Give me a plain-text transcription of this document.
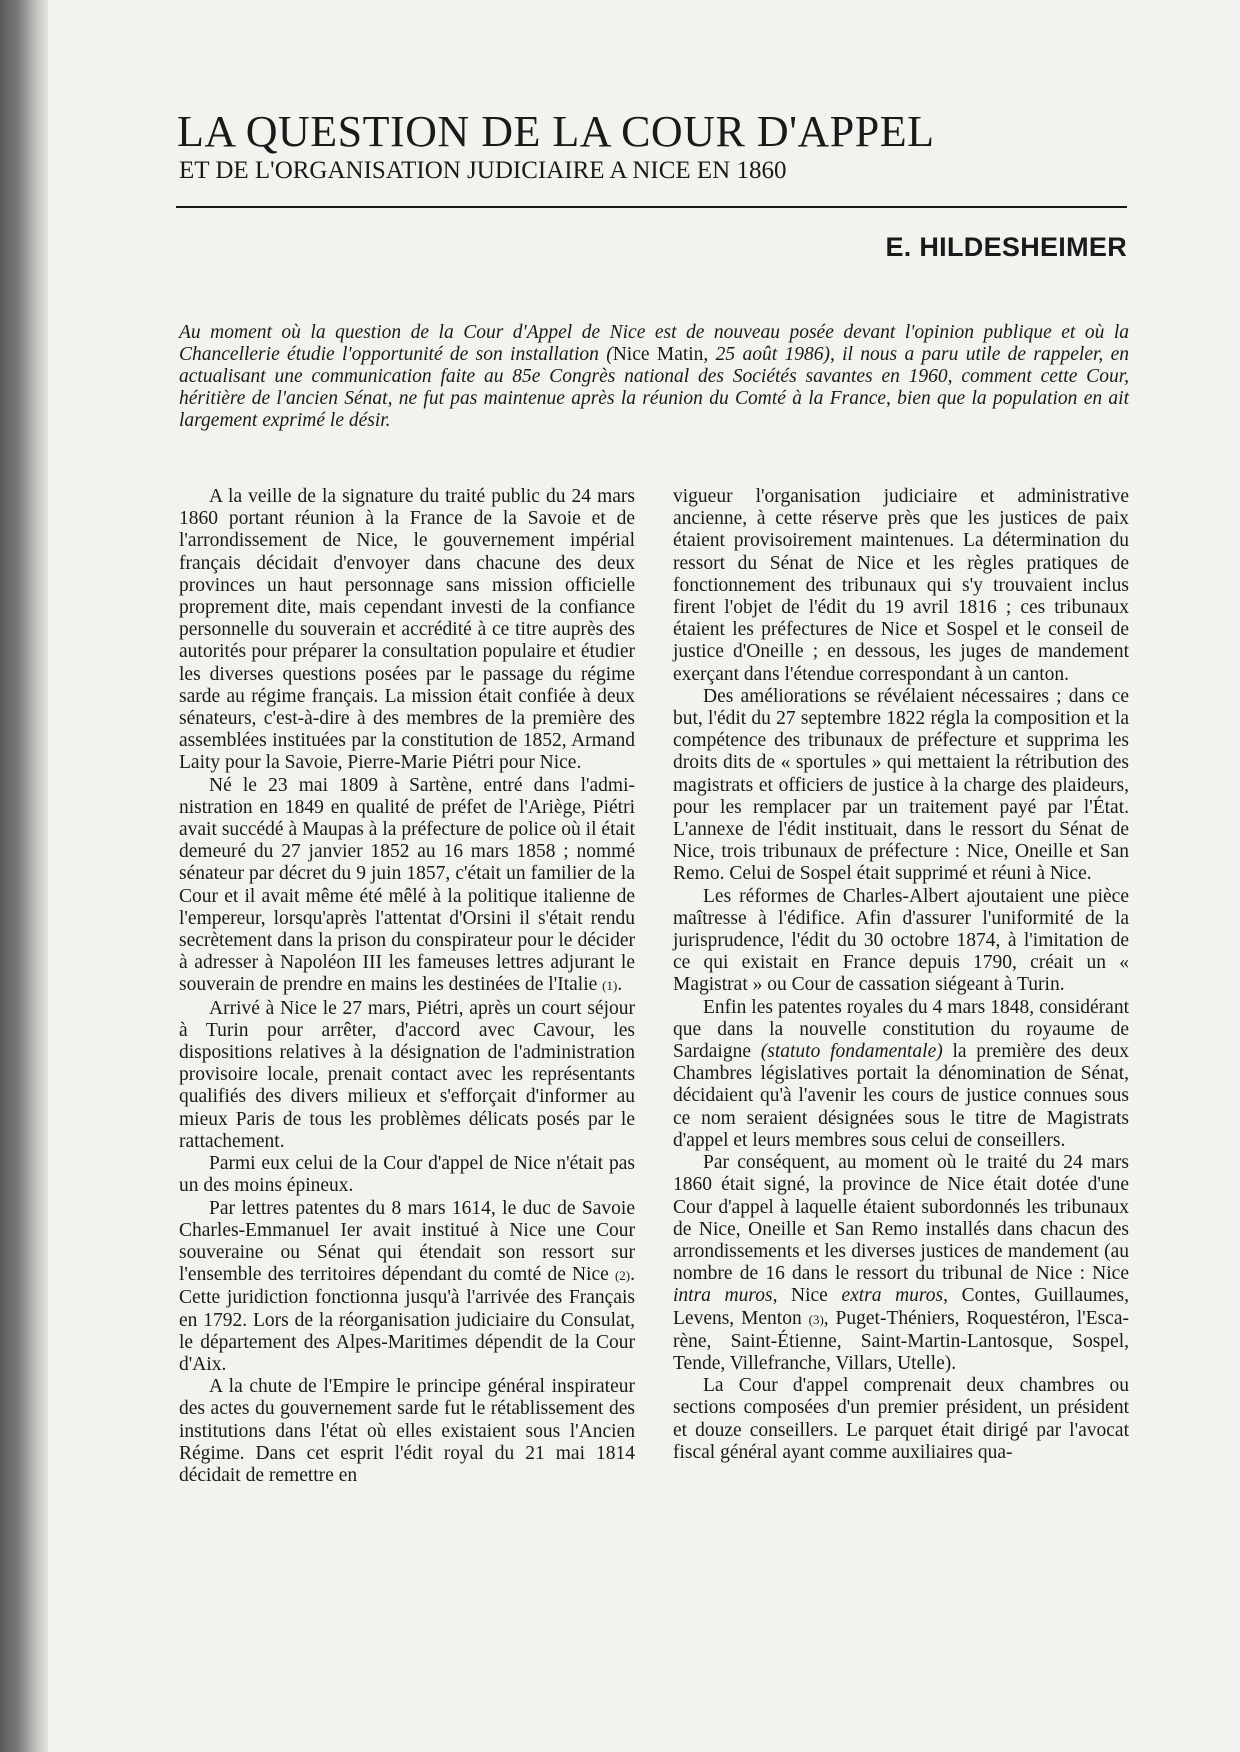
LA QUESTION DE LA COUR D'APPEL
ET DE L'ORGANISATION JUDICIAIRE A NICE EN 1860
E. HILDESHEIMER
Au moment où la question de la Cour d'Appel de Nice est de nouveau posée devant l'opinion publique et où la Chancellerie étudie l'opportunité de son installation (Nice Matin, 25 août 1986), il nous a paru utile de rappeler, en actualisant une communication faite au 85e Congrès national des Sociétés savantes en 1960, comment cette Cour, héritière de l'ancien Sénat, ne fut pas maintenue après la réunion du Comté à la France, bien que la population en ait largement exprimé le désir.

A la veille de la signature du traité public du 24 mars 1860 portant réunion à la France de la Savoie et de l'arrondissement de Nice, le gouvernement impérial français décidait d'envoyer dans chacune des deux provinces un haut personnage sans mission officielle proprement dite, mais cependant investi de la confiance personnelle du souverain et accrédité à ce titre auprès des autorités pour préparer la consultation populaire et étudier les diverses questions posées par le passage du régime sarde au régime français. La mission était confiée à deux sénateurs, c'est-à-dire à des membres de la première des assemblées instituées par la constitution de 1852, Armand Laity pour la Savoie, Pierre-Marie Piétri pour Nice.

Né le 23 mai 1809 à Sartène, entré dans l'administration en 1849 en qualité de préfet de l'Ariège, Piétri avait succédé à Maupas à la préfecture de police où il était demeuré du 27 janvier 1852 au 16 mars 1858 ; nommé sénateur par décret du 9 juin 1857, c'était un familier de la Cour et il avait même été mêlé à la politique italienne de l'empereur, lorsqu'après l'attentat d'Orsini il s'était rendu secrètement dans la prison du conspirateur pour le décider à adresser à Napoléon III les fameuses lettres adjurant le souverain de prendre en mains les destinées de l'Italie (1).

Arrivé à Nice le 27 mars, Piétri, après un court séjour à Turin pour arrêter, d'accord avec Cavour, les dispositions relatives à la désignation de l'administration provisoire locale, prenait contact avec les représentants qualifiés des divers milieux et s'efforçait d'informer au mieux Paris de tous les problèmes délicats posés par le rattachement.

Parmi eux celui de la Cour d'appel de Nice n'était pas un des moins épineux.

Par lettres patentes du 8 mars 1614, le duc de Savoie Charles-Emmanuel Ier avait institué à Nice une Cour souveraine ou Sénat qui étendait son ressort sur l'ensemble des territoires dépendant du comté de Nice (2). Cette juridiction fonctionna jusqu'à l'arrivée des Français en 1792. Lors de la réorganisation judiciaire du Consulat, le département des Alpes-Maritimes dépendit de la Cour d'Aix.

A la chute de l'Empire le principe général inspirateur des actes du gouvernement sarde fut le rétablissement des institutions dans l'état où elles existaient sous l'Ancien Régime. Dans cet esprit l'édit royal du 21 mai 1814 décidait de remettre en

vigueur l'organisation judiciaire et administrative ancienne, à cette réserve près que les justices de paix étaient provisoirement maintenues. La détermination du ressort du Sénat de Nice et les règles pratiques de fonctionnement des tribunaux qui s'y trouvaient inclus firent l'objet de l'édit du 19 avril 1816 ; ces tribunaux étaient les préfectures de Nice et Sospel et le conseil de justice d'Oneille ; en dessous, les juges de mandement exerçant dans l'étendue correspondant à un canton.

Des améliorations se révélaient nécessaires ; dans ce but, l'édit du 27 septembre 1822 régla la composition et la compétence des tribunaux de préfecture et supprima les droits dits de « sportules » qui mettaient la rétribution des magistrats et officiers de justice à la charge des plaideurs, pour les remplacer par un traitement payé par l'État. L'annexe de l'édit instituait, dans le ressort du Sénat de Nice, trois tribunaux de préfecture : Nice, Oneille et San Remo. Celui de Sospel était supprimé et réuni à Nice.

Les réformes de Charles-Albert ajoutaient une pièce maîtresse à l'édifice. Afin d'assurer l'uniformité de la jurisprudence, l'édit du 30 octobre 1874, à l'imitation de ce qui existait en France depuis 1790, créait un « Magistrat » ou Cour de cassation siégeant à Turin.

Enfin les patentes royales du 4 mars 1848, considérant que dans la nouvelle constitution du royaume de Sardaigne (statuto fondamentale) la première des deux Chambres législatives portait la dénomination de Sénat, décidaient qu'à l'avenir les cours de justice connues sous ce nom seraient désignées sous le titre de Magistrats d'appel et leurs membres sous celui de conseillers.

Par conséquent, au moment où le traité du 24 mars 1860 était signé, la province de Nice était dotée d'une Cour d'appel à laquelle étaient subordonnés les tribunaux de Nice, Oneille et San Remo installés dans chacun des arrondissements et les diverses justices de mandement (au nombre de 16 dans le ressort du tribunal de Nice : Nice intra muros, Nice extra muros, Contes, Guillaumes, Levens, Menton (3), Puget-Théniers, Roquestéron, l'Escarène, Saint-Étienne, Saint-Martin-Lantosque, Sospel, Tende, Villefranche, Villars, Utelle).

La Cour d'appel comprenait deux chambres ou sections composées d'un premier président, un président et douze conseillers. Le parquet était dirigé par l'avocat fiscal général ayant comme auxiliaires qua-
